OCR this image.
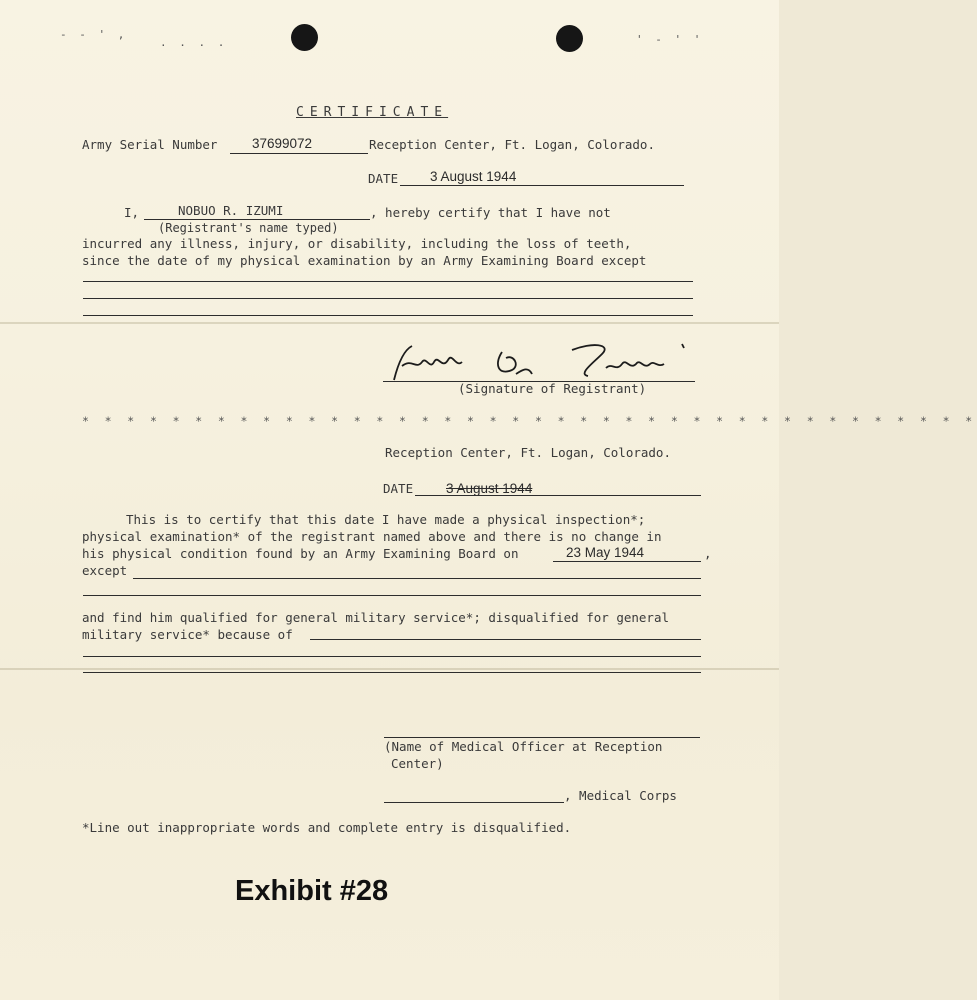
- - ' ,
. . . .	' - ' '
CERTIFICATE
Army Serial Number	37699072	Reception Center, Ft. Logan, Colorado.
DATE 3 August 1944
I,	NOBUO R. IZUMI	, hereby certify that I have not
(Registrant's name typed)
incurred any illness, injury, or disability, including the loss of teeth,
since the date of my physical examination by an Army Examining Board except
(Signature of Registrant)
* * * * * * * * * * * * * * * * * * * * * * * * * * * * * * * * * * * * * * * *
Reception Center, Ft. Logan, Colorado.
DATE 3 August 1944
This is to certify that this date I have made a physical inspection*;
physical examination* of the registrant named above and there is no change in
his physical condition found by an Army Examining Board on	23 May 1944	,
except
and find him qualified for general military service*; disqualified for general
military service* because of
(Name of Medical Officer at Reception
Center)
, Medical Corps
*Line out inappropriate words and complete entry is disqualified.
Exhibit #28
